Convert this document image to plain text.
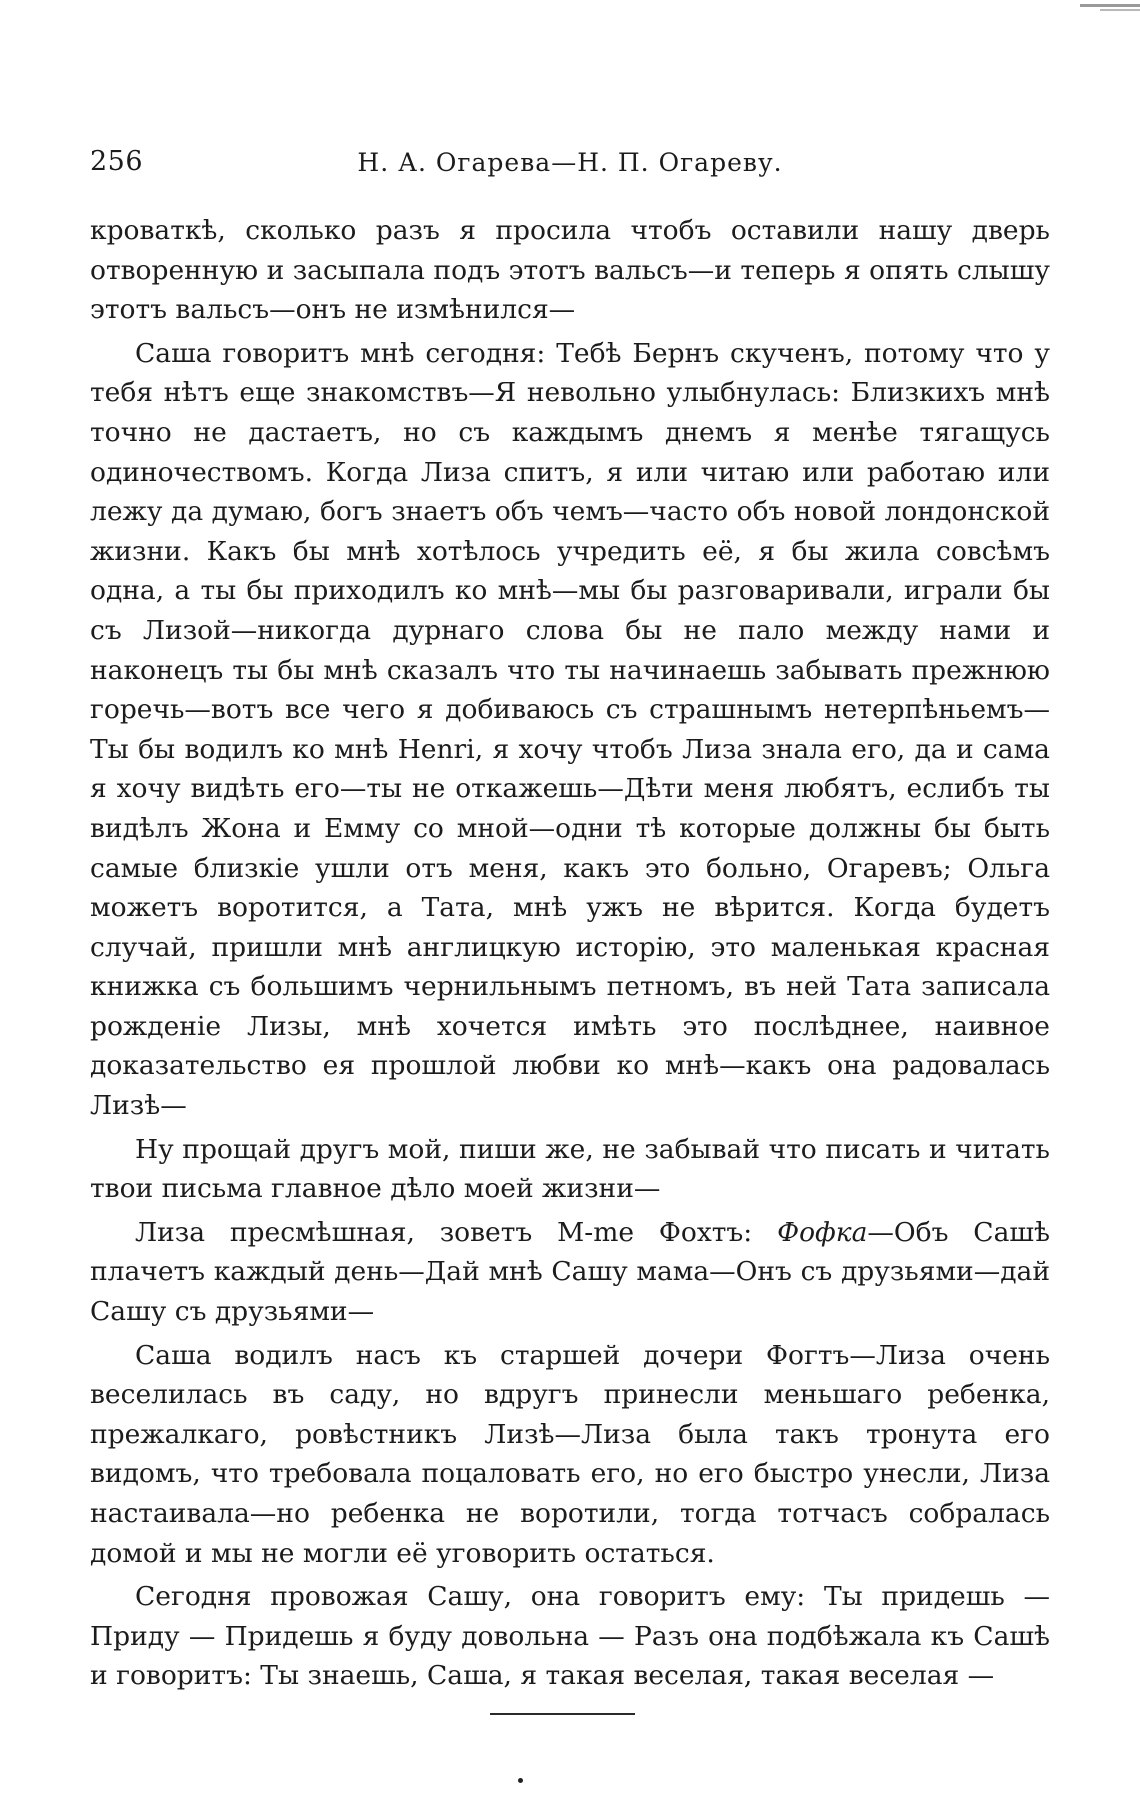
256	Н. А. Огарева—Н. П. Огареву.

кроваткѣ, сколько разъ я просила чтобъ оставили нашу дверь отворенную и засыпала подъ этотъ вальсъ—и теперь я опять слышу этотъ вальсъ—онъ не измѣнился—

Саша говоритъ мнѣ сегодня: Тебѣ Бернъ скученъ, потому что у тебя нѣтъ еще знакомствъ—Я невольно улыбнулась: Близкихъ мнѣ точно не дастаетъ, но съ каждымъ днемъ я менѣе тягащусь одиночествомъ. Когда Лиза спитъ, я или читаю или работаю или лежу да думаю, богъ знаетъ объ чемъ—часто объ новой лондонской жизни. Какъ бы мнѣ хотѣлось учредить её, я бы жила совсѣмъ одна, а ты бы приходилъ ко мнѣ—мы бы разговаривали, играли бы съ Лизой—никогда дурнаго слова бы не пало между нами и наконецъ ты бы мнѣ сказалъ что ты начинаешь забывать прежнюю горечь—вотъ все чего я добиваюсь съ страшнымъ нетерпѣньемъ—Ты бы водилъ ко мнѣ Henri, я хочу чтобъ Лиза знала его, да и сама я хочу видѣть его—ты не откажешь—Дѣти меня любятъ, еслибъ ты видѣлъ Жона и Емму со мной—одни тѣ которые должны бы быть самые близкіе ушли отъ меня, какъ это больно, Огаревъ; Ольга можетъ воротится, а Тата, мнѣ ужъ не вѣрится. Когда будетъ случай, пришли мнѣ англицкую исторію, это маленькая красная книжка съ большимъ чернильнымъ петномъ, въ ней Тата записала рожденіе Лизы, мнѣ хочется имѣть это послѣднее, наивное доказательство ея прошлой любви ко мнѣ—какъ она радовалась Лизѣ—

Ну прощай другъ мой, пиши же, не забывай что писать и читать твои письма главное дѣло моей жизни—

Лиза пресмѣшная, зоветъ M-me Фохтъ: Фофка—Объ Сашѣ плачетъ каждый день—Дай мнѣ Сашу мама—Онъ съ друзьями—дай Сашу съ друзьями—

Саша водилъ насъ къ старшей дочери Фогтъ—Лиза очень веселилась въ саду, но вдругъ принесли меньшаго ребенка, прежалкаго, ровѣстникъ Лизѣ—Лиза была такъ тронута его видомъ, что требовала поцаловать его, но его быстро унесли, Лиза настаивала—но ребенка не воротили, тогда тотчасъ собралась домой и мы не могли её уговорить остаться.

Сегодня провожая Сашу, она говоритъ ему: Ты придешь — Приду — Придешь я буду довольна — Разъ она подбѣжала къ Сашѣ и говоритъ: Ты знаешь, Саша, я такая веселая, такая веселая —
